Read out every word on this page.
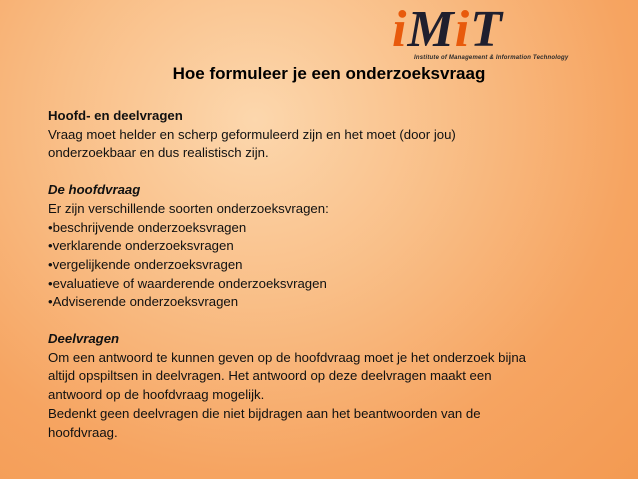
iMiT
Institute of Management & Information Technology
Hoe formuleer je een onderzoeksvraag

Hoofd- en deelvragen

Vraag moet helder en scherp geformuleerd zijn en het moet (door jou)

onderzoekbaar en dus realistisch zijn.

De hoofdvraag

Er zijn verschillende soorten onderzoeksvragen:

•beschrijvende onderzoeksvragen

•verklarende onderzoeksvragen

•vergelijkende onderzoeksvragen

•evaluatieve of waarderende onderzoeksvragen

•Adviserende onderzoeksvragen

Deelvragen

Om een antwoord te kunnen geven op de hoofdvraag moet je het onderzoek bijna

altijd opspiltsen in deelvragen. Het antwoord op deze deelvragen maakt een

antwoord op de hoofdvraag mogelijk.

Bedenkt geen deelvragen die niet bijdragen aan het beantwoorden van de

hoofdvraag.
